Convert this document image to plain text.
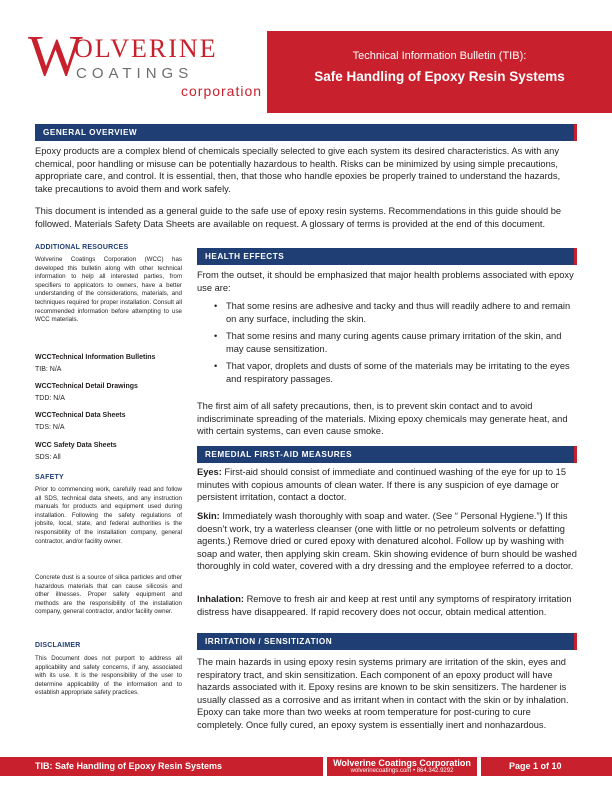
W
OLVERINE
COATINGS
corporation
Technical Information Bulletin (TIB):
Safe Handling of Epoxy Resin Systems
GENERAL OVERVIEW
Epoxy products are a complex blend of chemicals specially selected to give each system its desired characteristics. As with any chemical, poor handling or misuse can be potentially hazardous to health. Risks can be minimized by using simple precautions, appropriate care, and control. It is essential, then, that those who handle epoxies be properly trained to understand the hazards, take precautions to avoid them and work safely.
This document is intended as a general guide to the safe use of epoxy resin systems. Recommendations in this guide should be followed. Materials Safety Data Sheets are available on request. A glossary of terms is provided at the end of this document.
ADDITIONAL RESOURCES
Wolverine Coatings Corporation (WCC) has developed this bulletin along with other technical information to help all interested parties, from specifiers to applicators to owners, have a better understanding of the considerations, materials, and techniques required for proper installation. Consult all recommended information before attempting to use WCC materials.
WCCTechnical Information Bulletins
TIB: N/A
WCCTechnical Detail Drawings
TDD: N/A
WCCTechnical Data Sheets
TDS: N/A
WCC Safety Data Sheets
SDS: All
SAFETY
Prior to commencing work, carefully read and follow all SDS, technical data sheets, and any instruction manuals for products and equipment used during installation. Following the safety regulations of jobsite, local, state, and federal authorities is the responsibility of the installation company, general contractor, and/or facility owner.
Concrete dust is a source of silica particles and other hazardous materials that can cause silicosis and other illnesses. Proper safety equipment and methods are the responsibility of the installation company, general contractor, and/or facility owner.
DISCLAIMER
This Document does not purport to address all applicability and safety concerns, if any, associated with its use. It is the responsibility of the user to determine applicability of the information and to establish appropriate safety practices.
HEALTH EFFECTS
From the outset, it should be emphasized that major health problems associated with epoxy use are:
• That some resins are adhesive and tacky and thus will readily adhere to and remain on any surface, including the skin.
• That some resins and many curing agents cause primary irritation of the skin, and may cause sensitization.
• That vapor, droplets and dusts of some of the materials may be irritating to the eyes and respiratory passages.
The first aim of all safety precautions, then, is to prevent skin contact and to avoid indiscriminate spreading of the materials. Mixing epoxy chemicals may generate heat, and with certain systems, can even cause smoke.
REMEDIAL FIRST-AID MEASURES
Eyes: First-aid should consist of immediate and continued washing of the eye for up to 15 minutes with copious amounts of clean water. If there is any suspicion of eye damage or persistent irritation, contact a doctor.
Skin: Immediately wash thoroughly with soap and water. (See “ Personal Hygiene.”) If this doesn’t work, try a waterless cleanser (one with little or no petroleum solvents or defatting agents.) Remove dried or cured epoxy with denatured alcohol. Follow up by washing with soap and water, then applying skin cream. Skin showing evidence of burn should be washed thoroughly in cold water, covered with a dry dressing and the employee referred to a doctor.
Inhalation: Remove to fresh air and keep at rest until any symptoms of respiratory irritation distress have disappeared. If rapid recovery does not occur, obtain medical attention.
IRRITATION / SENSITIZATION
The main hazards in using epoxy resin systems primary are irritation of the skin, eyes and respiratory tract, and skin sensitization. Each component of an epoxy product will have hazards associated with it. Epoxy resins are known to be skin sensitizers. The hardener is usually classed as a corrosive and as irritant when in contact with the skin or by inhalation. Epoxy can take more than two weeks at room temperature for post-curing to cure completely. Once fully cured, an epoxy system is essentially inert and nonhazardous.
TIB: Safe Handling of Epoxy Resin Systems	Wolverine Coatings Corporation
wolverinecoatings.com • 864.342.9292	Page 1 of 10
